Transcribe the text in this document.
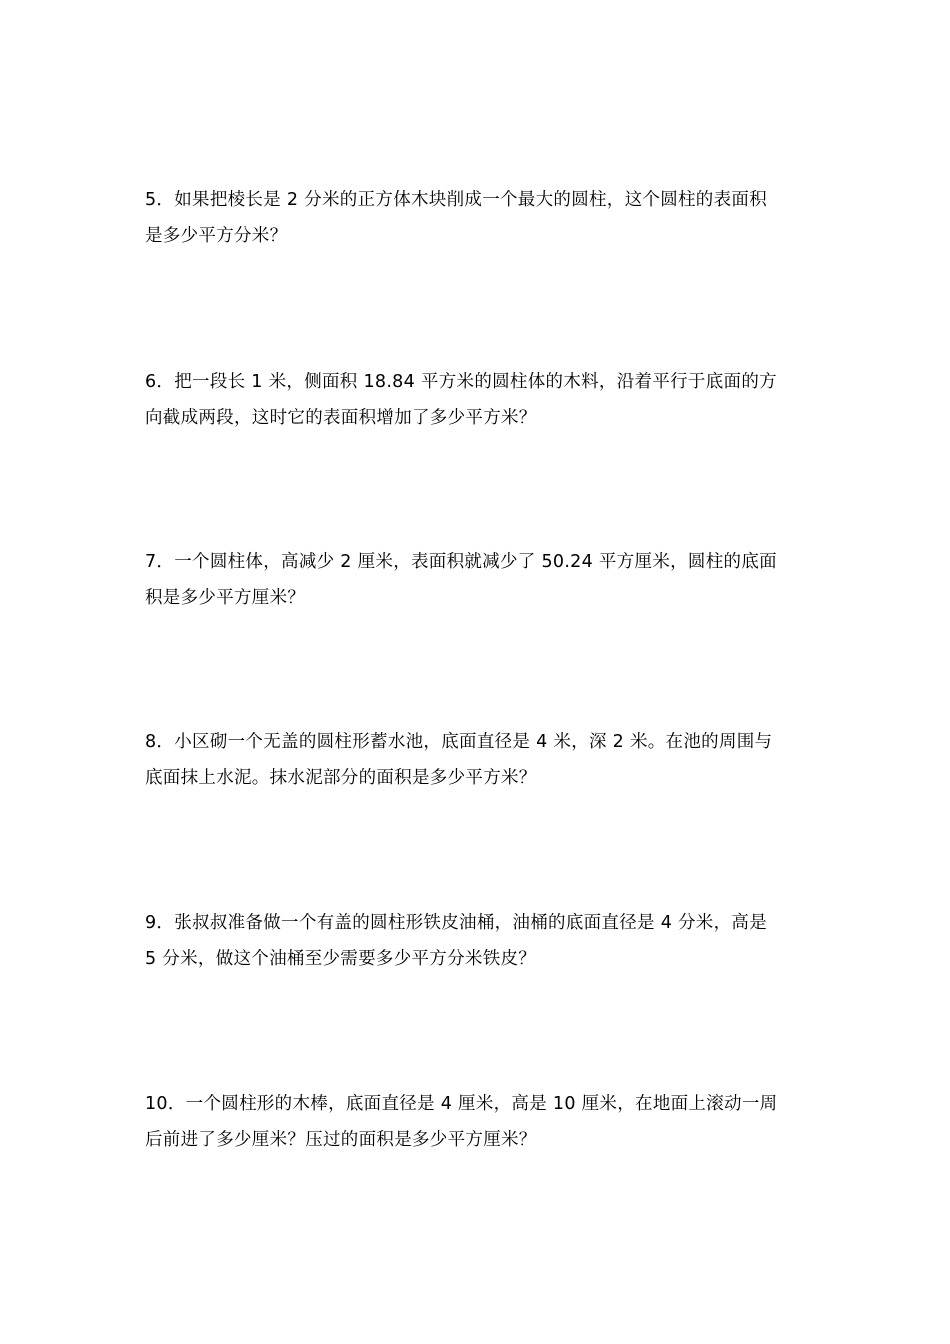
5．如果把棱长是 2 分米的正方体木块削成一个最大的圆柱，这个圆柱的表面积
是多少平方分米？
6．把一段长 1 米，侧面积 18.84 平方米的圆柱体的木料，沿着平行于底面的方
向截成两段，这时它的表面积增加了多少平方米？
7．一个圆柱体，高减少 2 厘米，表面积就减少了 50.24 平方厘米，圆柱的底面
积是多少平方厘米？
8．小区砌一个无盖的圆柱形蓄水池，底面直径是 4 米，深 2 米。在池的周围与
底面抹上水泥。抹水泥部分的面积是多少平方米？
9．张叔叔准备做一个有盖的圆柱形铁皮油桶，油桶的底面直径是 4 分米，高是
5 分米，做这个油桶至少需要多少平方分米铁皮？
10．一个圆柱形的木棒，底面直径是 4 厘米，高是 10 厘米，在地面上滚动一周
后前进了多少厘米？压过的面积是多少平方厘米？
